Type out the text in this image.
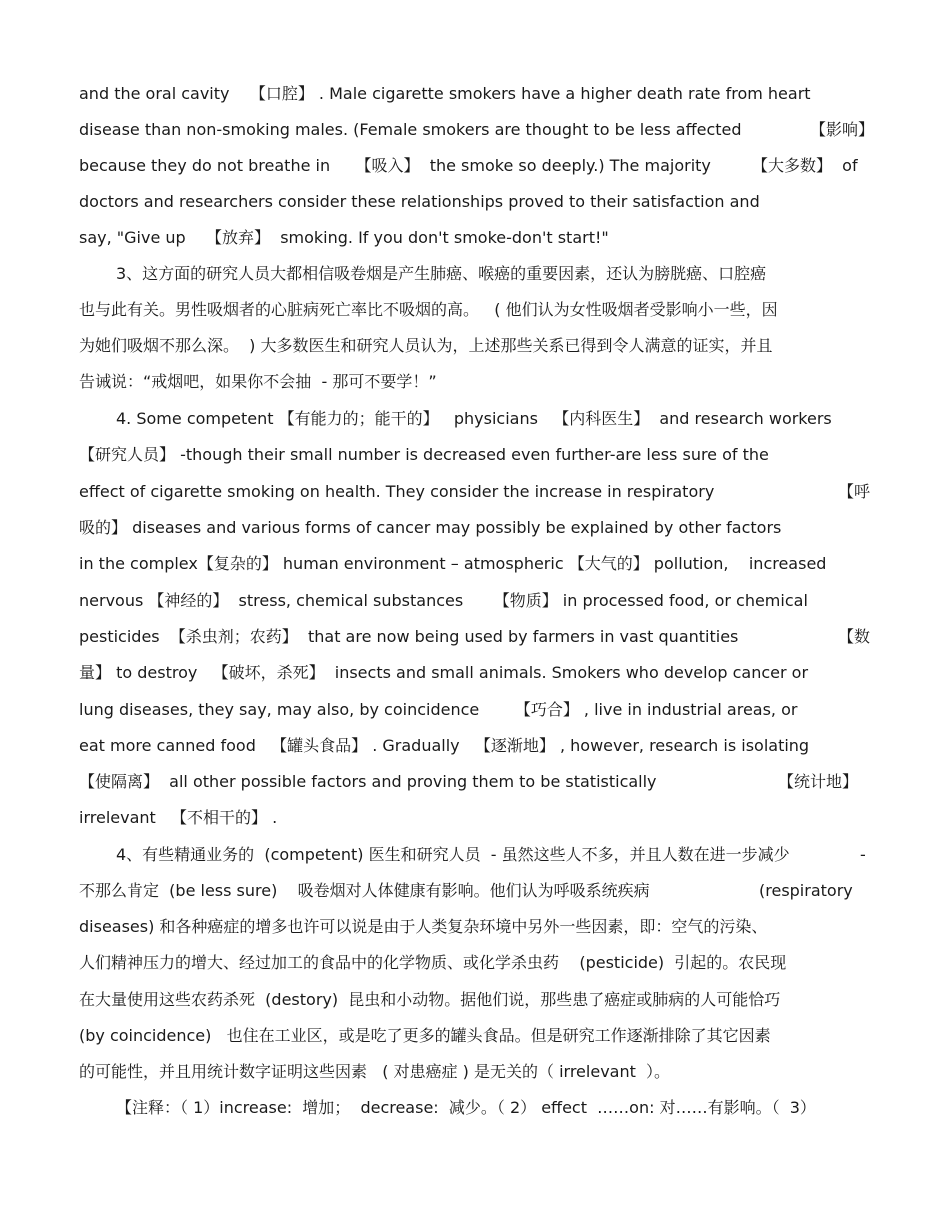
and the oral cavity    【口腔】 . Male cigarette smokers have a higher death rate from heart
disease than non-smoking males. (Female smokers are thought to be less affected	【影响】
because they do not breathe in     【吸入】  the smoke so deeply.) The majority	【大多数】  of
doctors and researchers consider these relationships proved to their satisfaction and
say, "Give up    【放弃】  smoking. If you don't smoke-don't start!"
3、这方面的研究人员大都相信吸卷烟是产生肺癌、喉癌的重要因素，还认为膀胱癌、口腔癌
也与此有关。男性吸烟者的心脏病死亡率比不吸烟的高。   ( 他们认为女性吸烟者受影响小一些，因
为她们吸烟不那么深。  ) 大多数医生和研究人员认为，上述那些关系已得到令人满意的证实，并且
告诫说：“戒烟吧，如果你不会抽  - 那可不要学！”
4. Some competent 【有能力的；能干的】   physicians   【内科医生】  and research workers
【研究人员】 -though their small number is decreased even further-are less sure of the
effect of cigarette smoking on health. They consider the increase in respiratory	【呼
吸的】 diseases and various forms of cancer may possibly be explained by other factors
in the complex【复杂的】 human environment – atmospheric 【大气的】 pollution,    increased
nervous 【神经的】  stress, chemical substances      【物质】 in processed food, or chemical
pesticides  【杀虫剂；农药】  that are now being used by farmers in vast quantities	【数
量】 to destroy   【破坏，杀死】  insects and small animals. Smokers who develop cancer or
lung diseases, they say, may also, by coincidence       【巧合】 , live in industrial areas, or
eat more canned food   【罐头食品】 . Gradually   【逐渐地】 , however, research is isolating
【使隔离】  all other possible factors and proving them to be statistically	【统计地】
irrelevant   【不相干的】 .
4、有些精通业务的  (competent) 医生和研究人员  - 虽然这些人不多，并且人数在进一步减少	-
不那么肯定  (be less sure)    吸卷烟对人体健康有影响。他们认为呼吸系统疾病	(respiratory
diseases) 和各种癌症的增多也许可以说是由于人类复杂环境中另外一些因素，即：空气的污染、
人们精神压力的增大、经过加工的食品中的化学物质、或化学杀虫药    (pesticide)  引起的。农民现
在大量使用这些农药杀死  (destory)  昆虫和小动物。据他们说，那些患了癌症或肺病的人可能恰巧
(by coincidence)   也住在工业区，或是吃了更多的罐头食品。但是研究工作逐渐排除了其它因素
的可能性，并且用统计数字证明这些因素   ( 对患癌症 ) 是无关的（ irrelevant  ）。
【注释：（ 1）increase:  增加；  decrease:  减少。（ 2） effect  ……on: 对……有影响。（  3）
